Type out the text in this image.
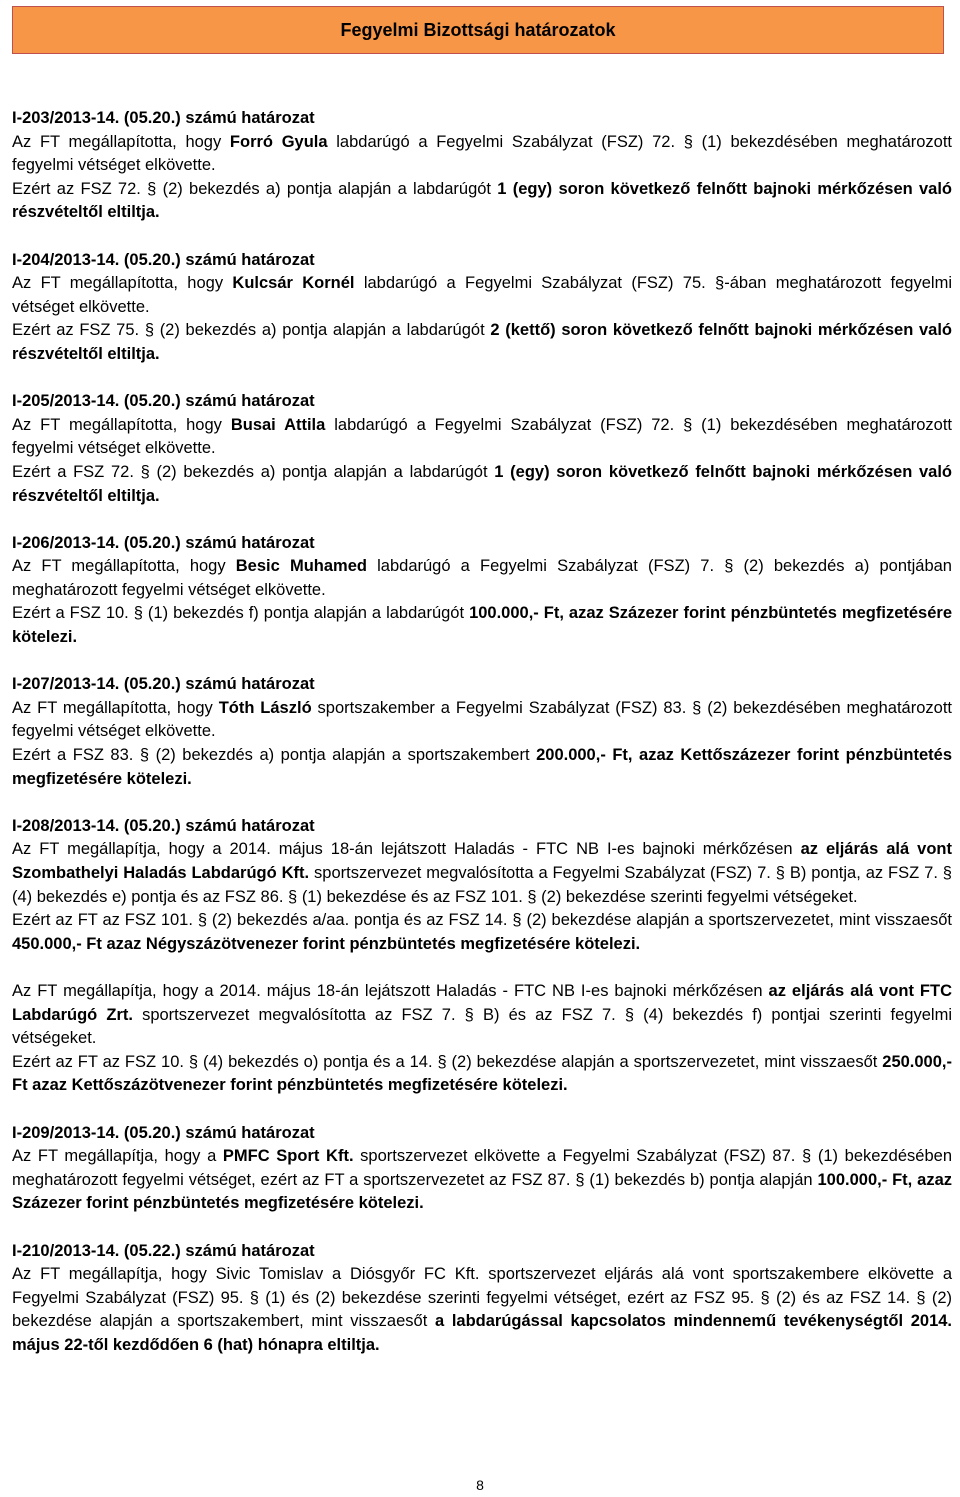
Fegyelmi Bizottsági határozatok

I-203/2013-14. (05.20.) számú határozat

Az FT megállapította, hogy Forró Gyula labdarúgó a Fegyelmi Szabályzat (FSZ) 72. § (1) bekezdésében meghatározott fegyelmi vétséget elkövette.

Ezért az FSZ 72. § (2) bekezdés a) pontja alapján a labdarúgót 1 (egy) soron következő felnőtt bajnoki mérkőzésen való részvételtől eltiltja.

I-204/2013-14. (05.20.) számú határozat

Az FT megállapította, hogy Kulcsár Kornél labdarúgó a Fegyelmi Szabályzat (FSZ) 75. §-ában meghatározott fegyelmi vétséget elkövette.

Ezért az FSZ 75. § (2) bekezdés a) pontja alapján a labdarúgót 2 (kettő) soron következő felnőtt bajnoki mérkőzésen való részvételtől eltiltja.

I-205/2013-14. (05.20.) számú határozat

Az FT megállapította, hogy Busai Attila labdarúgó a Fegyelmi Szabályzat (FSZ) 72. § (1) bekezdésében meghatározott fegyelmi vétséget elkövette.

Ezért a FSZ 72. § (2) bekezdés a) pontja alapján a labdarúgót 1 (egy) soron következő felnőtt bajnoki mérkőzésen való részvételtől eltiltja.

I-206/2013-14. (05.20.) számú határozat

Az FT megállapította, hogy Besic Muhamed labdarúgó a Fegyelmi Szabályzat (FSZ) 7. § (2) bekezdés a) pontjában meghatározott fegyelmi vétséget elkövette.

Ezért a FSZ 10. § (1) bekezdés f) pontja alapján a labdarúgót 100.000,- Ft, azaz Százezer forint pénzbüntetés megfizetésére kötelezi.

I-207/2013-14. (05.20.) számú határozat

Az FT megállapította, hogy Tóth László sportszakember a Fegyelmi Szabályzat (FSZ) 83. § (2) bekezdésében meghatározott fegyelmi vétséget elkövette.

Ezért a FSZ 83. § (2) bekezdés a) pontja alapján a sportszakembert 200.000,- Ft, azaz Kettőszázezer forint pénzbüntetés megfizetésére kötelezi.

I-208/2013-14. (05.20.) számú határozat

Az FT megállapítja, hogy a 2014. május 18-án lejátszott Haladás - FTC NB I-es bajnoki mérkőzésen az eljárás alá vont Szombathelyi Haladás Labdarúgó Kft. sportszervezet megvalósította a Fegyelmi Szabályzat (FSZ) 7. § B) pontja, az FSZ 7. § (4) bekezdés e) pontja és az FSZ 86. § (1) bekezdése és az FSZ 101. § (2) bekezdése szerinti fegyelmi vétségeket.

Ezért az FT az FSZ 101. § (2) bekezdés a/aa. pontja és az FSZ 14. § (2) bekezdése alapján a sportszervezetet, mint visszaesőt 450.000,- Ft azaz Négyszázötvenezer forint pénzbüntetés megfizetésére kötelezi.

Az FT megállapítja, hogy a 2014. május 18-án lejátszott Haladás - FTC NB I-es bajnoki mérkőzésen az eljárás alá vont FTC Labdarúgó Zrt. sportszervezet megvalósította az FSZ 7. § B) és az FSZ 7. § (4) bekezdés f) pontjai szerinti fegyelmi vétségeket.

Ezért az FT az FSZ 10. § (4) bekezdés o) pontja és a 14. § (2) bekezdése alapján a sportszervezetet, mint visszaesőt 250.000,- Ft azaz Kettőszázötvenezer forint pénzbüntetés megfizetésére kötelezi.

I-209/2013-14. (05.20.) számú határozat

Az FT megállapítja, hogy a PMFC Sport Kft. sportszervezet elkövette a Fegyelmi Szabályzat (FSZ) 87. § (1) bekezdésében meghatározott fegyelmi vétséget, ezért az FT a sportszervezetet az FSZ 87. § (1) bekezdés b) pontja alapján 100.000,- Ft, azaz Százezer forint pénzbüntetés megfizetésére kötelezi.

I-210/2013-14. (05.22.) számú határozat

Az FT megállapítja, hogy Sivic Tomislav a Diósgyőr FC Kft. sportszervezet eljárás alá vont sportszakembere elkövette a Fegyelmi Szabályzat (FSZ) 95. § (1) és (2) bekezdése szerinti fegyelmi vétséget, ezért az FSZ 95. § (2) és az FSZ 14. § (2) bekezdése alapján a sportszakembert, mint visszaesőt a labdarúgással kapcsolatos mindennemű tevékenységtől 2014. május 22-től kezdődően 6 (hat) hónapra eltiltja.

8
